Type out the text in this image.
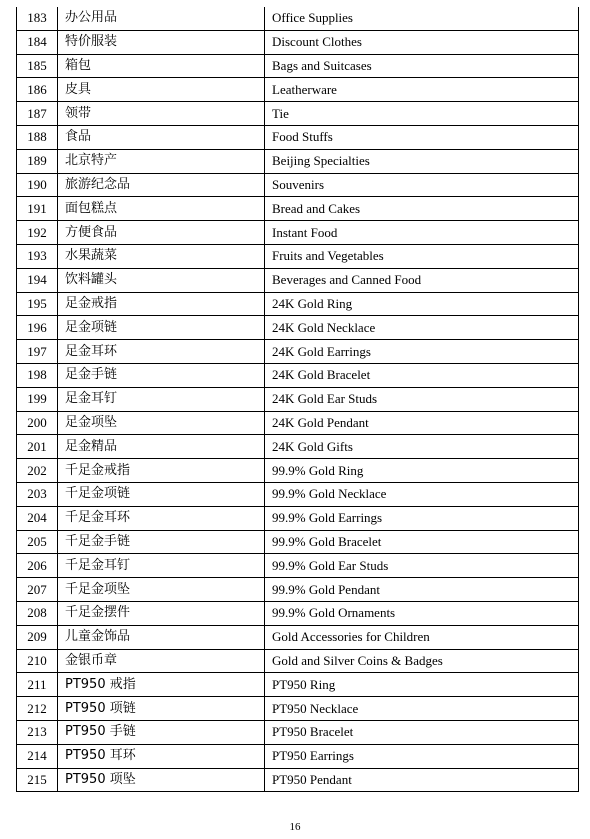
183	办公用品	Office Supplies
184	特价服装	Discount Clothes
185	箱包	Bags and Suitcases
186	皮具	Leatherware
187	领带	Tie
188	食品	Food Stuffs
189	北京特产	Beijing Specialties
190	旅游纪念品	Souvenirs
191	面包糕点	Bread and Cakes
192	方便食品	Instant Food
193	水果蔬菜	Fruits and Vegetables
194	饮料罐头	Beverages and Canned Food
195	足金戒指	24K Gold Ring
196	足金项链	24K Gold Necklace
197	足金耳环	24K Gold Earrings
198	足金手链	24K Gold Bracelet
199	足金耳钉	24K Gold Ear Studs
200	足金项坠	24K Gold Pendant
201	足金精品	24K Gold Gifts
202	千足金戒指	99.9% Gold Ring
203	千足金项链	99.9% Gold Necklace
204	千足金耳环	99.9% Gold Earrings
205	千足金手链	99.9% Gold Bracelet
206	千足金耳钉	99.9% Gold Ear Studs
207	千足金项坠	99.9% Gold Pendant
208	千足金摆件	99.9% Gold Ornaments
209	儿童金饰品	Gold Accessories for Children
210	金银币章	Gold and Silver Coins & Badges
211	PT950 戒指	PT950 Ring
212	PT950 项链	PT950 Necklace
213	PT950 手链	PT950 Bracelet
214	PT950 耳环	PT950 Earrings
215	PT950 项坠	PT950 Pendant
16
